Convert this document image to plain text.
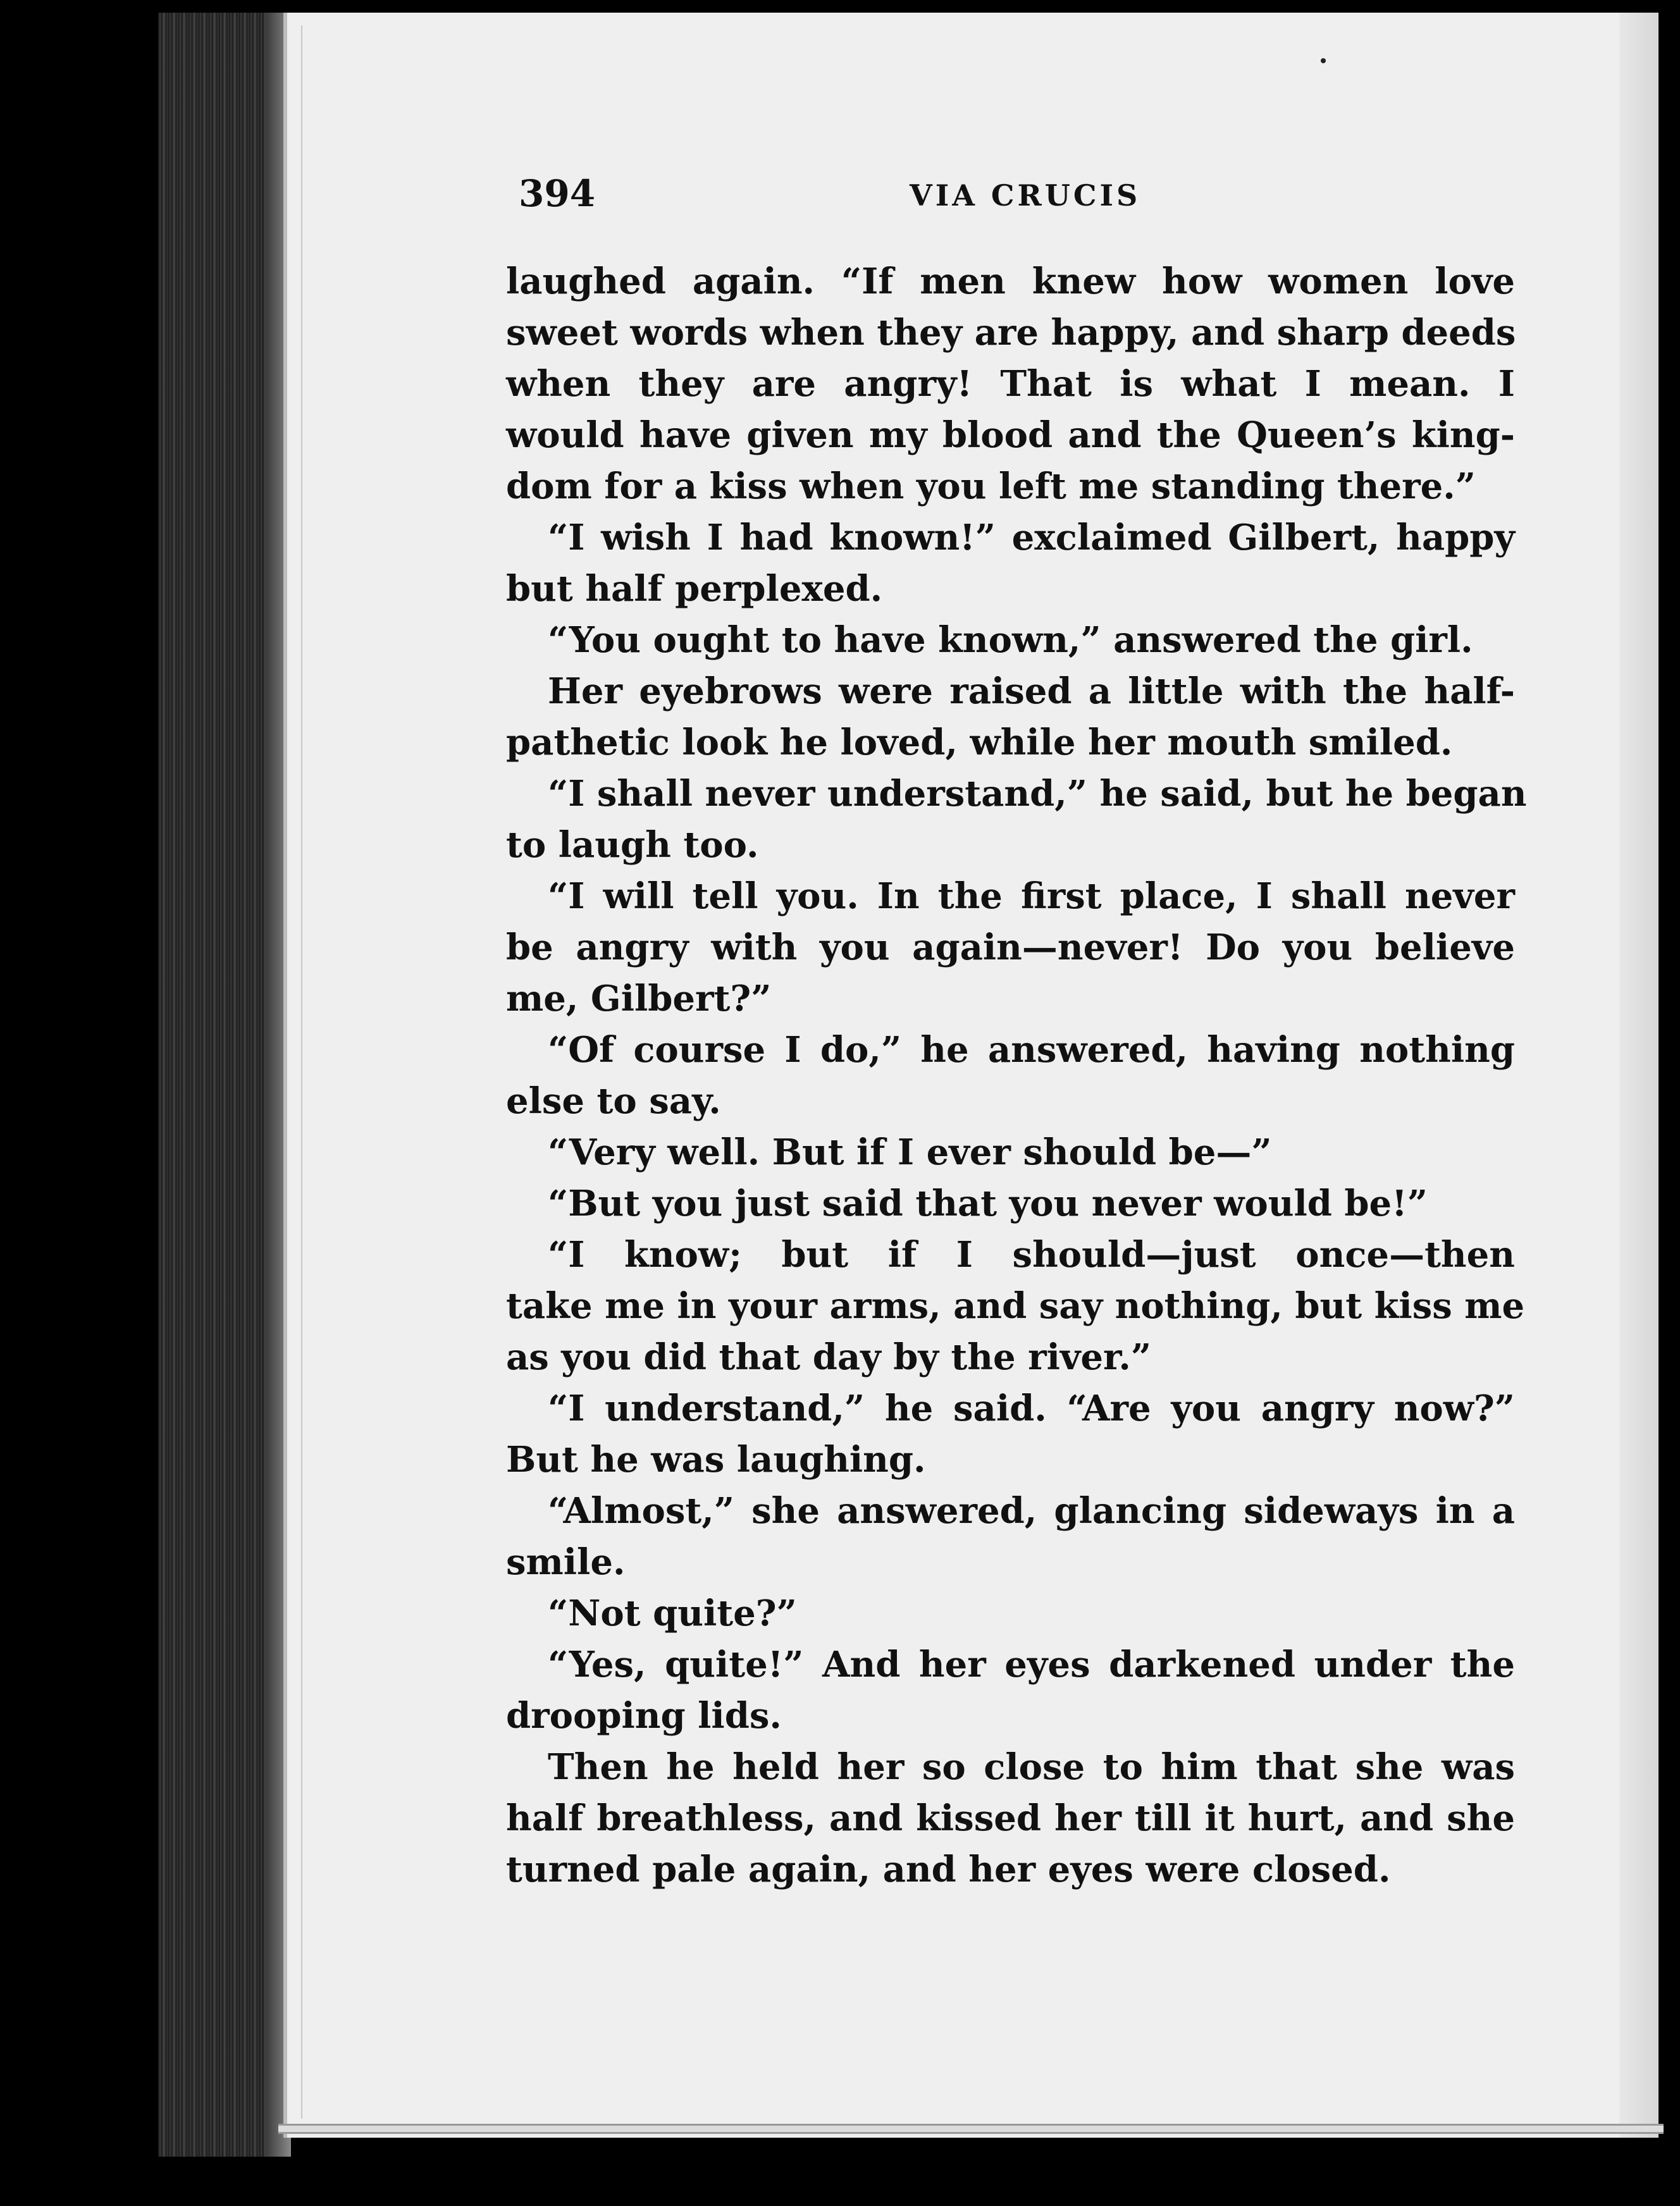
394	VIA CRUCIS
laughed again. “If men knew how women love
sweet words when they are happy, and sharp deeds
when they are angry! That is what I mean. I
would have given my blood and the Queen’s king-
dom for a kiss when you left me standing there.”
“I wish I had known!” exclaimed Gilbert, happy
but half perplexed.
“You ought to have known,” answered the girl.
Her eyebrows were raised a little with the half-
pathetic look he loved, while her mouth smiled.
“I shall never understand,” he said, but he began
to laugh too.
“I will tell you. In the first place, I shall never
be angry with you again—never! Do you believe
me, Gilbert?”
“Of course I do,” he answered, having nothing
else to say.
“Very well. But if I ever should be—”
“But you just said that you never would be!”
“I know; but if I should—just once—then
take me in your arms, and say nothing, but kiss me
as you did that day by the river.”
“I understand,” he said. “Are you angry now?”
But he was laughing.
“Almost,” she answered, glancing sideways in a
smile.
“Not quite?”
“Yes, quite!” And her eyes darkened under the
drooping lids.
Then he held her so close to him that she was
half breathless, and kissed her till it hurt, and she
turned pale again, and her eyes were closed.
